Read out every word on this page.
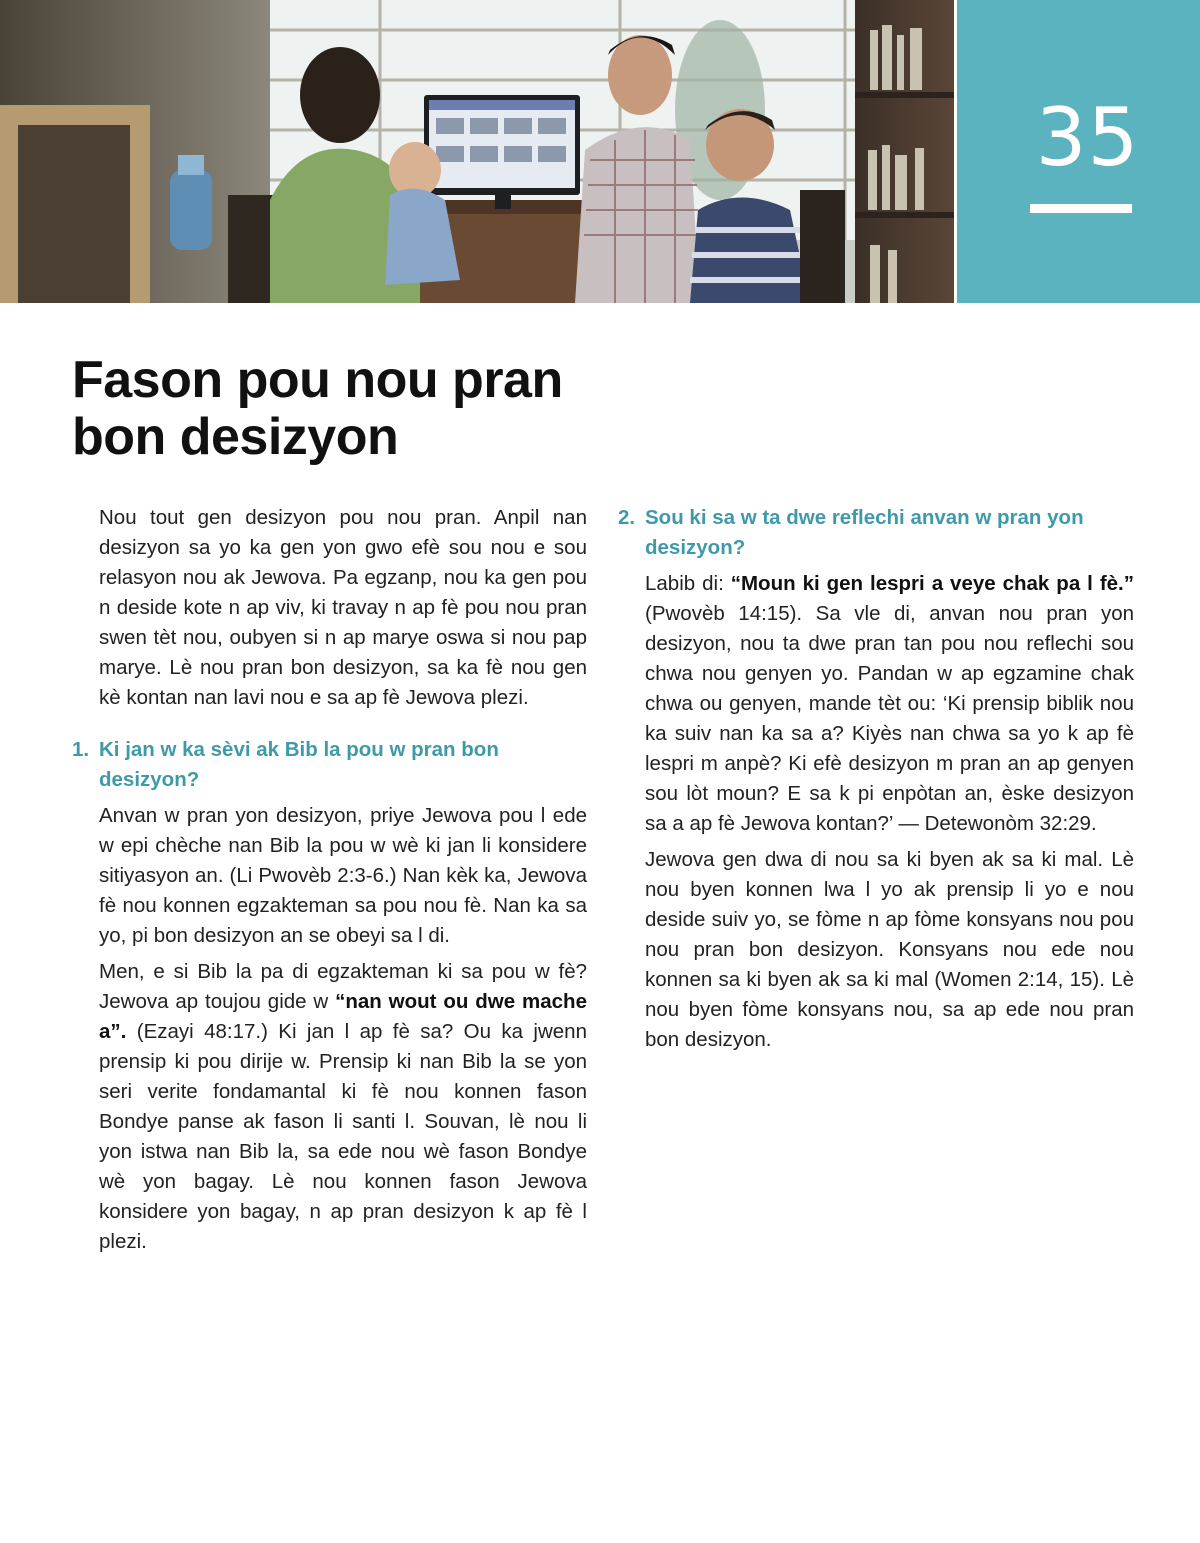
35
Fason pou nou pran
bon desizyon

Nou tout gen desizyon pou nou pran. Anpil nan desizyon sa yo ka gen yon gwo efè sou nou e sou relasyon nou ak Jewova. Pa egzanp, nou ka gen pou n deside kote n ap viv, ki travay n ap fè pou nou pran swen tèt nou, oubyen si n ap marye oswa si nou pap marye. Lè nou pran bon desizyon, sa ka fè nou gen kè kontan nan lavi nou e sa ap fè Jewova plezi.

1. Ki jan w ka sèvi ak Bib la pou w pran bon desizyon?

Anvan w pran yon desizyon, priye Jewova pou l ede w epi chèche nan Bib la pou w wè ki jan li konsidere sitiyasyon an. (Li Pwovèb 2:3-6.) Nan kèk ka, Jewova fè nou konnen egzakteman sa pou nou fè. Nan ka sa yo, pi bon desizyon an se obeyi sa l di.

Men, e si Bib la pa di egzakteman ki sa pou w fè? Jewova ap toujou gide w “nan wout ou dwe mache a”. (Ezayi 48:17.) Ki jan l ap fè sa? Ou ka jwenn prensip ki pou dirije w. Prensip ki nan Bib la se yon seri verite fondamantal ki fè nou konnen fason Bondye panse ak fason li santi l. Souvan, lè nou li yon istwa nan Bib la, sa ede nou wè fason Bondye wè yon bagay. Lè nou konnen fason Jewova konsidere yon bagay, n ap pran desizyon k ap fè l plezi.

2. Sou ki sa w ta dwe reflechi anvan w pran yon desizyon?

Labib di: “Moun ki gen lespri a veye chak pa l fè.” (Pwovèb 14:15). Sa vle di, anvan nou pran yon desizyon, nou ta dwe pran tan pou nou reflechi sou chwa nou genyen yo. Pandan w ap egzamine chak chwa ou genyen, mande tèt ou: ‘Ki prensip biblik nou ka suiv nan ka sa a? Kiyès nan chwa sa yo k ap fè lespri m anpè? Ki efè desizyon m pran an ap genyen sou lòt moun? E sa k pi enpòtan an, èske desizyon sa a ap fè Jewova kontan?’ — Detewonòm 32:29.

Jewova gen dwa di nou sa ki byen ak sa ki mal. Lè nou byen konnen lwa l yo ak prensip li yo e nou deside suiv yo, se fòme n ap fòme konsyans nou pou nou pran bon desizyon. Konsyans nou ede nou konnen sa ki byen ak sa ki mal (Women 2:14, 15). Lè nou byen fòme konsyans nou, sa ap ede nou pran bon desizyon.
